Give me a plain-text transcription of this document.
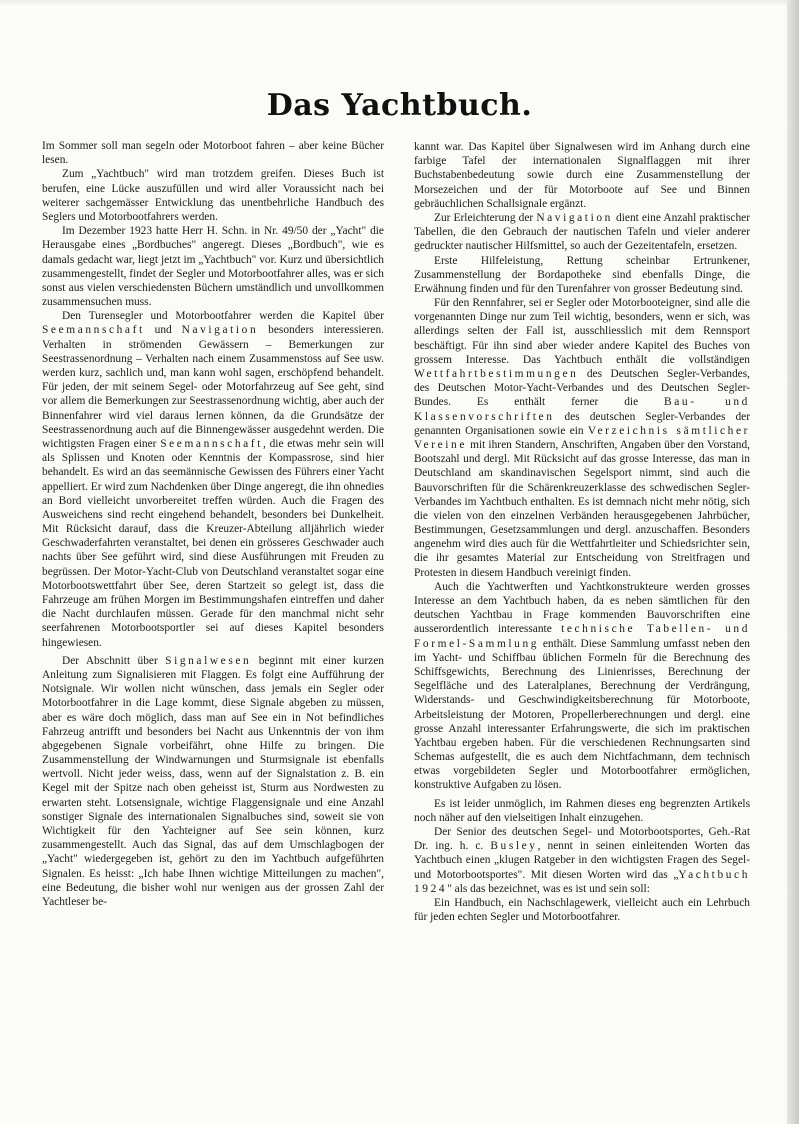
Das Yachtbuch.

Im Sommer soll man segeln oder Motorboot fahren – aber keine Bücher lesen.

Zum „Yachtbuch" wird man trotzdem greifen. Dieses Buch ist berufen, eine Lücke auszufüllen und wird aller Voraussicht nach bei weiterer sachgemässer Entwicklung das unentbehrliche Handbuch des Seglers und Motorbootfahrers werden.

Im Dezember 1923 hatte Herr H. Schn. in Nr. 49/50 der „Yacht" die Herausgabe eines „Bordbuches" angeregt. Dieses „Bordbuch", wie es damals gedacht war, liegt jetzt im „Yachtbuch" vor. Kurz und übersichtlich zusammengestellt, findet der Segler und Motorbootfahrer alles, was er sich sonst aus vielen verschiedensten Büchern umständlich und unvollkommen zusammensuchen muss.

Den Turensegler und Motorbootfahrer werden die Kapitel über Seemannschaft und Navigation besonders interessieren. Verhalten in strömenden Gewässern – Bemerkungen zur Seestrassenordnung – Verhalten nach einem Zusammenstoss auf See usw. werden kurz, sachlich und, man kann wohl sagen, erschöpfend behandelt. Für jeden, der mit seinem Segel- oder Motorfahrzeug auf See geht, sind vor allem die Bemerkungen zur Seestrassenordnung wichtig, aber auch der Binnenfahrer wird viel daraus lernen können, da die Grundsätze der Seestrassenordnung auch auf die Binnengewässer ausgedehnt werden. Die wichtigsten Fragen einer Seemannschaft, die etwas mehr sein will als Splissen und Knoten oder Kenntnis der Kompassrose, sind hier behandelt. Es wird an das seemännische Gewissen des Führers einer Yacht appelliert. Er wird zum Nachdenken über Dinge angeregt, die ihn ohnedies an Bord vielleicht unvorbereitet treffen würden. Auch die Fragen des Ausweichens sind recht eingehend behandelt, besonders bei Dunkelheit. Mit Rücksicht darauf, dass die Kreuzer-Abteilung alljährlich wieder Geschwaderfahrten veranstaltet, bei denen ein grösseres Geschwader auch nachts über See geführt wird, sind diese Ausführungen mit Freuden zu begrüssen. Der Motor-Yacht-Club von Deutschland veranstaltet sogar eine Motorbootswettfahrt über See, deren Startzeit so gelegt ist, dass die Fahrzeuge am frühen Morgen im Bestimmungshafen eintreffen und daher die Nacht durchlaufen müssen. Gerade für den manchmal nicht sehr seerfahrenen Motorbootsportler sei auf dieses Kapitel besonders hingewiesen.

Der Abschnitt über Signalwesen beginnt mit einer kurzen Anleitung zum Signalisieren mit Flaggen. Es folgt eine Aufführung der Notsignale. Wir wollen nicht wünschen, dass jemals ein Segler oder Motorbootfahrer in die Lage kommt, diese Signale abgeben zu müssen, aber es wäre doch möglich, dass man auf See ein in Not befindliches Fahrzeug antrifft und besonders bei Nacht aus Unkenntnis der von ihm abgegebenen Signale vorbeifährt, ohne Hilfe zu bringen. Die Zusammenstellung der Windwarnungen und Sturmsignale ist ebenfalls wertvoll. Nicht jeder weiss, dass, wenn auf der Signalstation z. B. ein Kegel mit der Spitze nach oben geheisst ist, Sturm aus Nordwesten zu erwarten steht. Lotsensignale, wichtige Flaggensignale und eine Anzahl sonstiger Signale des internationalen Signalbuches sind, soweit sie von Wichtigkeit für den Yachteigner auf See sein können, kurz zusammengestellt. Auch das Signal, das auf dem Umschlagbogen der „Yacht" wiedergegeben ist, gehört zu den im Yachtbuch aufgeführten Signalen. Es heisst: „Ich habe Ihnen wichtige Mitteilungen zu machen", eine Bedeutung, die bisher wohl nur wenigen aus der grossen Zahl der Yachtleser be-

kannt war. Das Kapitel über Signalwesen wird im Anhang durch eine farbige Tafel der internationalen Signalflaggen mit ihrer Buchstabenbedeutung sowie durch eine Zusammenstellung der Morsezeichen und der für Motorboote auf See und Binnen gebräuchlichen Schallsignale ergänzt.

Zur Erleichterung der Navigation dient eine Anzahl praktischer Tabellen, die den Gebrauch der nautischen Tafeln und vieler anderer gedruckter nautischer Hilfsmittel, so auch der Gezeitentafeln, ersetzen.

Erste Hilfeleistung, Rettung scheinbar Ertrunkener, Zusammenstellung der Bordapotheke sind ebenfalls Dinge, die Erwähnung finden und für den Turenfahrer von grosser Bedeutung sind.

Für den Rennfahrer, sei er Segler oder Motorbooteigner, sind alle die vorgenannten Dinge nur zum Teil wichtig, besonders, wenn er sich, was allerdings selten der Fall ist, ausschliesslich mit dem Rennsport beschäftigt. Für ihn sind aber wieder andere Kapitel des Buches von grossem Interesse. Das Yachtbuch enthält die vollständigen Wettfahrtbestimmungen des Deutschen Segler-Verbandes, des Deutschen Motor-Yacht-Verbandes und des Deutschen Segler-Bundes. Es enthält ferner die Bau- und Klassenvorschriften des deutschen Segler-Verbandes der genannten Organisationen sowie ein Verzeichnis sämtlicher Vereine mit ihren Standern, Anschriften, Angaben über den Vorstand, Bootszahl und dergl. Mit Rücksicht auf das grosse Interesse, das man in Deutschland am skandinavischen Segelsport nimmt, sind auch die Bauvorschriften für die Schärenkreuzerklasse des schwedischen Segler-Verbandes im Yachtbuch enthalten. Es ist demnach nicht mehr nötig, sich die vielen von den einzelnen Verbänden herausgegebenen Jahrbücher, Bestimmungen, Gesetzsammlungen und dergl. anzuschaffen. Besonders angenehm wird dies auch für die Wettfahrtleiter und Schiedsrichter sein, die ihr gesamtes Material zur Entscheidung von Streitfragen und Protesten in diesem Handbuch vereinigt finden.

Auch die Yachtwerften und Yachtkonstrukteure werden grosses Interesse an dem Yachtbuch haben, da es neben sämtlichen für den deutschen Yachtbau in Frage kommenden Bauvorschriften eine ausserordentlich interessante technische Tabellen- und Formel-Sammlung enthält. Diese Sammlung umfasst neben den im Yacht- und Schiffbau üblichen Formeln für die Berechnung des Schiffsgewichts, Berechnung des Linienrisses, Berechnung der Segelfläche und des Lateralplanes, Berechnung der Verdrängung, Widerstands- und Geschwindigkeitsberechnung für Motorboote, Arbeitsleistung der Motoren, Propellerberechnungen und dergl. eine grosse Anzahl interessanter Erfahrungswerte, die sich im praktischen Yachtbau ergeben haben. Für die verschiedenen Rechnungsarten sind Schemas aufgestellt, die es auch dem Nichtfachmann, dem technisch etwas vorgebildeten Segler und Motorbootfahrer ermöglichen, konstruktive Aufgaben zu lösen.

Es ist leider unmöglich, im Rahmen dieses eng begrenzten Artikels noch näher auf den vielseitigen Inhalt einzugehen.

Der Senior des deutschen Segel- und Motorbootsportes, Geh.-Rat Dr. ing. h. c. Busley, nennt in seinen einleitenden Worten das Yachtbuch einen „klugen Ratgeber in den wichtigsten Fragen des Segel- und Motorbootsportes". Mit diesen Worten wird das „Yachtbuch 1924" als das bezeichnet, was es ist und sein soll:

Ein Handbuch, ein Nachschlagewerk, vielleicht auch ein Lehrbuch für jeden echten Segler und Motorbootfahrer.
